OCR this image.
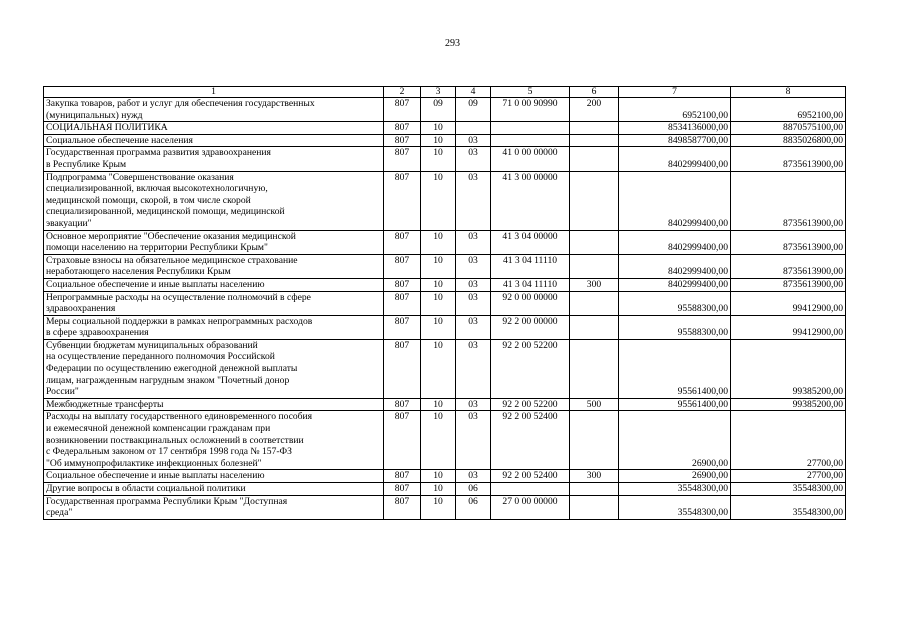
293
1	2	3	4	5	6	7	8
Закупка товаров, работ и услуг для обеспечения государственных
(муниципальных) нужд	807	09	09	71 0 00 90990	200	6952100,00	6952100,00
СОЦИАЛЬНАЯ ПОЛИТИКА	807	10				8534136000,00	8870575100,00
Социальное обеспечение населения	807	10	03			8498587700,00	8835026800,00
Государственная программа развития здравоохранения
в Республике Крым	807	10	03	41 0 00 00000		8402999400,00	8735613900,00
Подпрограмма "Совершенствование оказания
специализированной, включая высокотехнологичную,
медицинской помощи, скорой, в том числе скорой
специализированной, медицинской помощи, медицинской
эвакуации"	807	10	03	41 3 00 00000		8402999400,00	8735613900,00
Основное мероприятие "Обеспечение оказания медицинской
помощи населению на территории Республики Крым"	807	10	03	41 3 04 00000		8402999400,00	8735613900,00
Страховые взносы на обязательное медицинское страхование
неработающего населения Республики Крым	807	10	03	41 3 04 11110		8402999400,00	8735613900,00
Социальное обеспечение и иные выплаты населению	807	10	03	41 3 04 11110	300	8402999400,00	8735613900,00
Непрограммные расходы на осуществление полномочий в сфере
здравоохранения	807	10	03	92 0 00 00000		95588300,00	99412900,00
Меры социальной поддержки в рамках непрограммных расходов
в сфере здравоохранения	807	10	03	92 2 00 00000		95588300,00	99412900,00
Субвенции бюджетам муниципальных образований
на осуществление переданного полномочия Российской
Федерации по осуществлению ежегодной денежной выплаты
лицам, награжденным нагрудным знаком "Почетный донор
России"	807	10	03	92 2 00 52200		95561400,00	99385200,00
Межбюджетные трансферты	807	10	03	92 2 00 52200	500	95561400,00	99385200,00
Расходы на выплату государственного единовременного пособия
и ежемесячной денежной компенсации гражданам при
возникновении поствакцинальных осложнений в соответствии
с Федеральным законом от 17 сентября 1998 года № 157-ФЗ
"Об иммунопрофилактике инфекционных болезней"	807	10	03	92 2 00 52400		26900,00	27700,00
Социальное обеспечение и иные выплаты населению	807	10	03	92 2 00 52400	300	26900,00	27700,00
Другие вопросы в области социальной политики	807	10	06			35548300,00	35548300,00
Государственная программа Республики Крым "Доступная
среда"	807	10	06	27 0 00 00000		35548300,00	35548300,00
